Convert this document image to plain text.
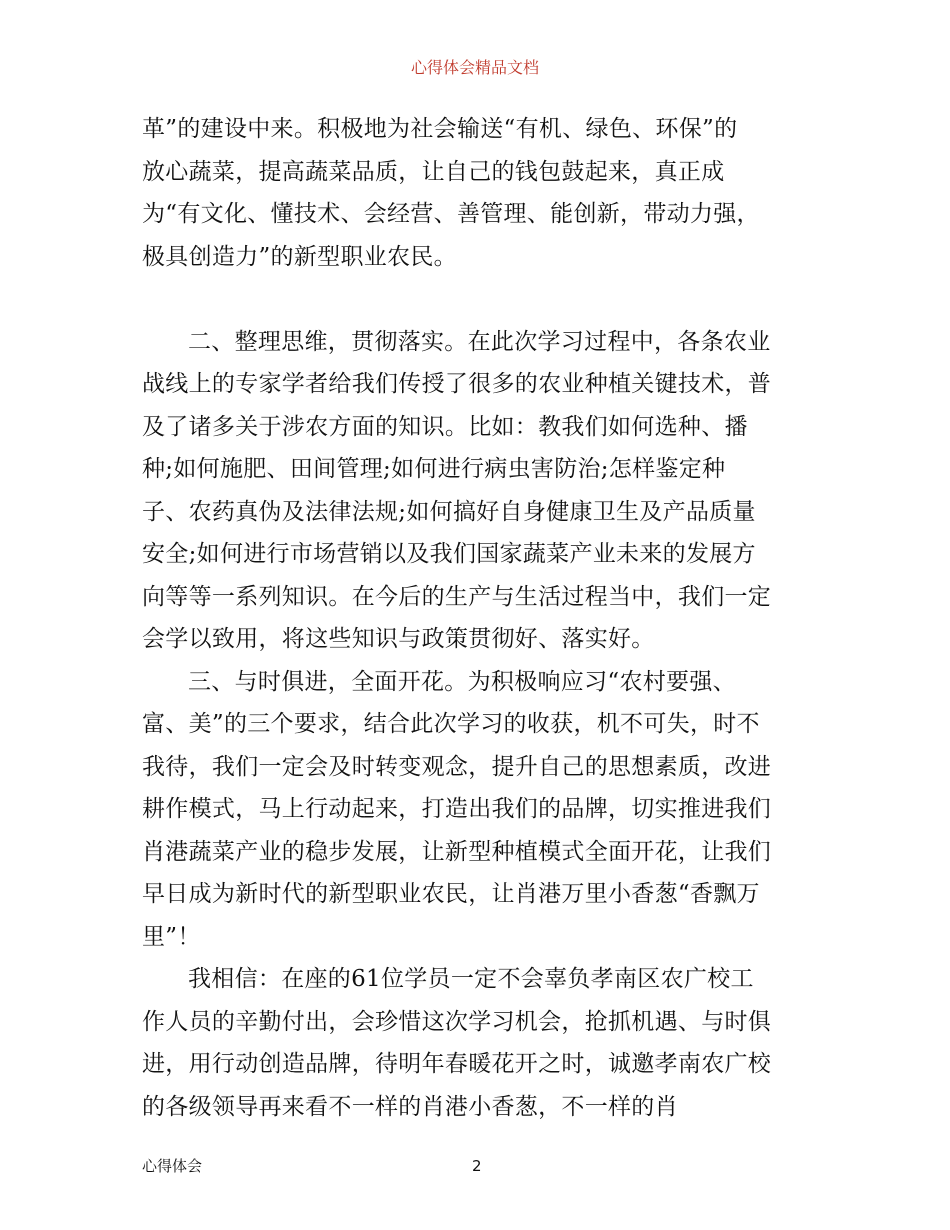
心得体会精品文档
革”的建设中来。积极地为社会输送“有机、绿色、环保”的
放心蔬菜，提高蔬菜品质，让自己的钱包鼓起来，真正成
为“有文化、懂技术、会经营、善管理、能创新，带动力强，
极具创造力”的新型职业农民。
二、整理思维，贯彻落实。在此次学习过程中，各条农业
战线上的专家学者给我们传授了很多的农业种植关键技术，普
及了诸多关于涉农方面的知识。比如：教我们如何选种、播
种;如何施肥、田间管理;如何进行病虫害防治;怎样鉴定种
子、农药真伪及法律法规;如何搞好自身健康卫生及产品质量
安全;如何进行市场营销以及我们国家蔬菜产业未来的发展方
向等等一系列知识。在今后的生产与生活过程当中，我们一定
会学以致用，将这些知识与政策贯彻好、落实好。
三、与时俱进，全面开花。为积极响应习“农村要强、
富、美”的三个要求，结合此次学习的收获，机不可失，时不
我待，我们一定会及时转变观念，提升自己的思想素质，改进
耕作模式，马上行动起来，打造出我们的品牌，切实推进我们
肖港蔬菜产业的稳步发展，让新型种植模式全面开花，让我们
早日成为新时代的新型职业农民，让肖港万里小香葱“香飘万
里”！
我相信：在座的61位学员一定不会辜负孝南区农广校工
作人员的辛勤付出，会珍惜这次学习机会，抢抓机遇、与时俱
进，用行动创造品牌，待明年春暖花开之时，诚邀孝南农广校
的各级领导再来看不一样的肖港小香葱，不一样的肖
心得体会	2
